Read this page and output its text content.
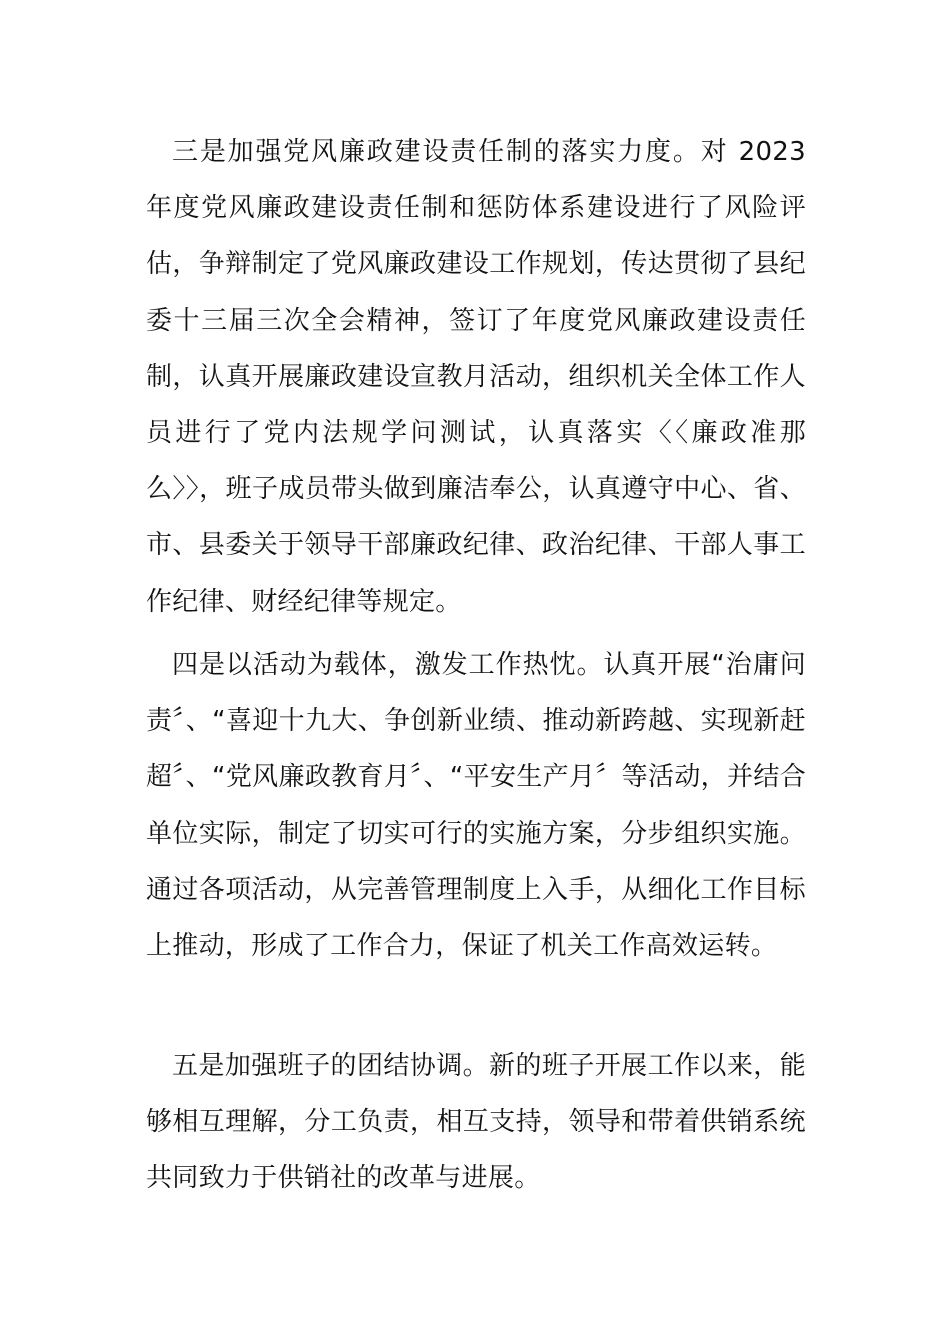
三是加强党风廉政建设责任制的落实力度。对 2023 年度党风廉政建设责任制和惩防体系建设进行了风险评估，争辩制定了党风廉政建设工作规划，传达贯彻了县纪委十三届三次全会精神，签订了年度党风廉政建设责任制，认真开展廉政建设宣教月活动，组织机关全体工作人员进行了党内法规学问测试，认真落实〈〈廉政准那么〉〉，班子成员带头做到廉洁奉公，认真遵守中心、省、市、县委关于领导干部廉政纪律、政治纪律、干部人事工作纪律、财经纪律等规定。

四是以活动为载体，激发工作热忱。认真开展“治庸问责〞、“喜迎十九大、争创新业绩、推动新跨越、实现新赶超〞、“党风廉政教育月〞、“平安生产月〞等活动，并结合单位实际，制定了切实可行的实施方案，分步组织实施。通过各项活动，从完善管理制度上入手，从细化工作目标上推动，形成了工作合力，保证了机关工作高效运转。

五是加强班子的团结协调。新的班子开展工作以来，能够相互理解，分工负责，相互支持，领导和带着供销系统共同致力于供销社的改革与进展。
